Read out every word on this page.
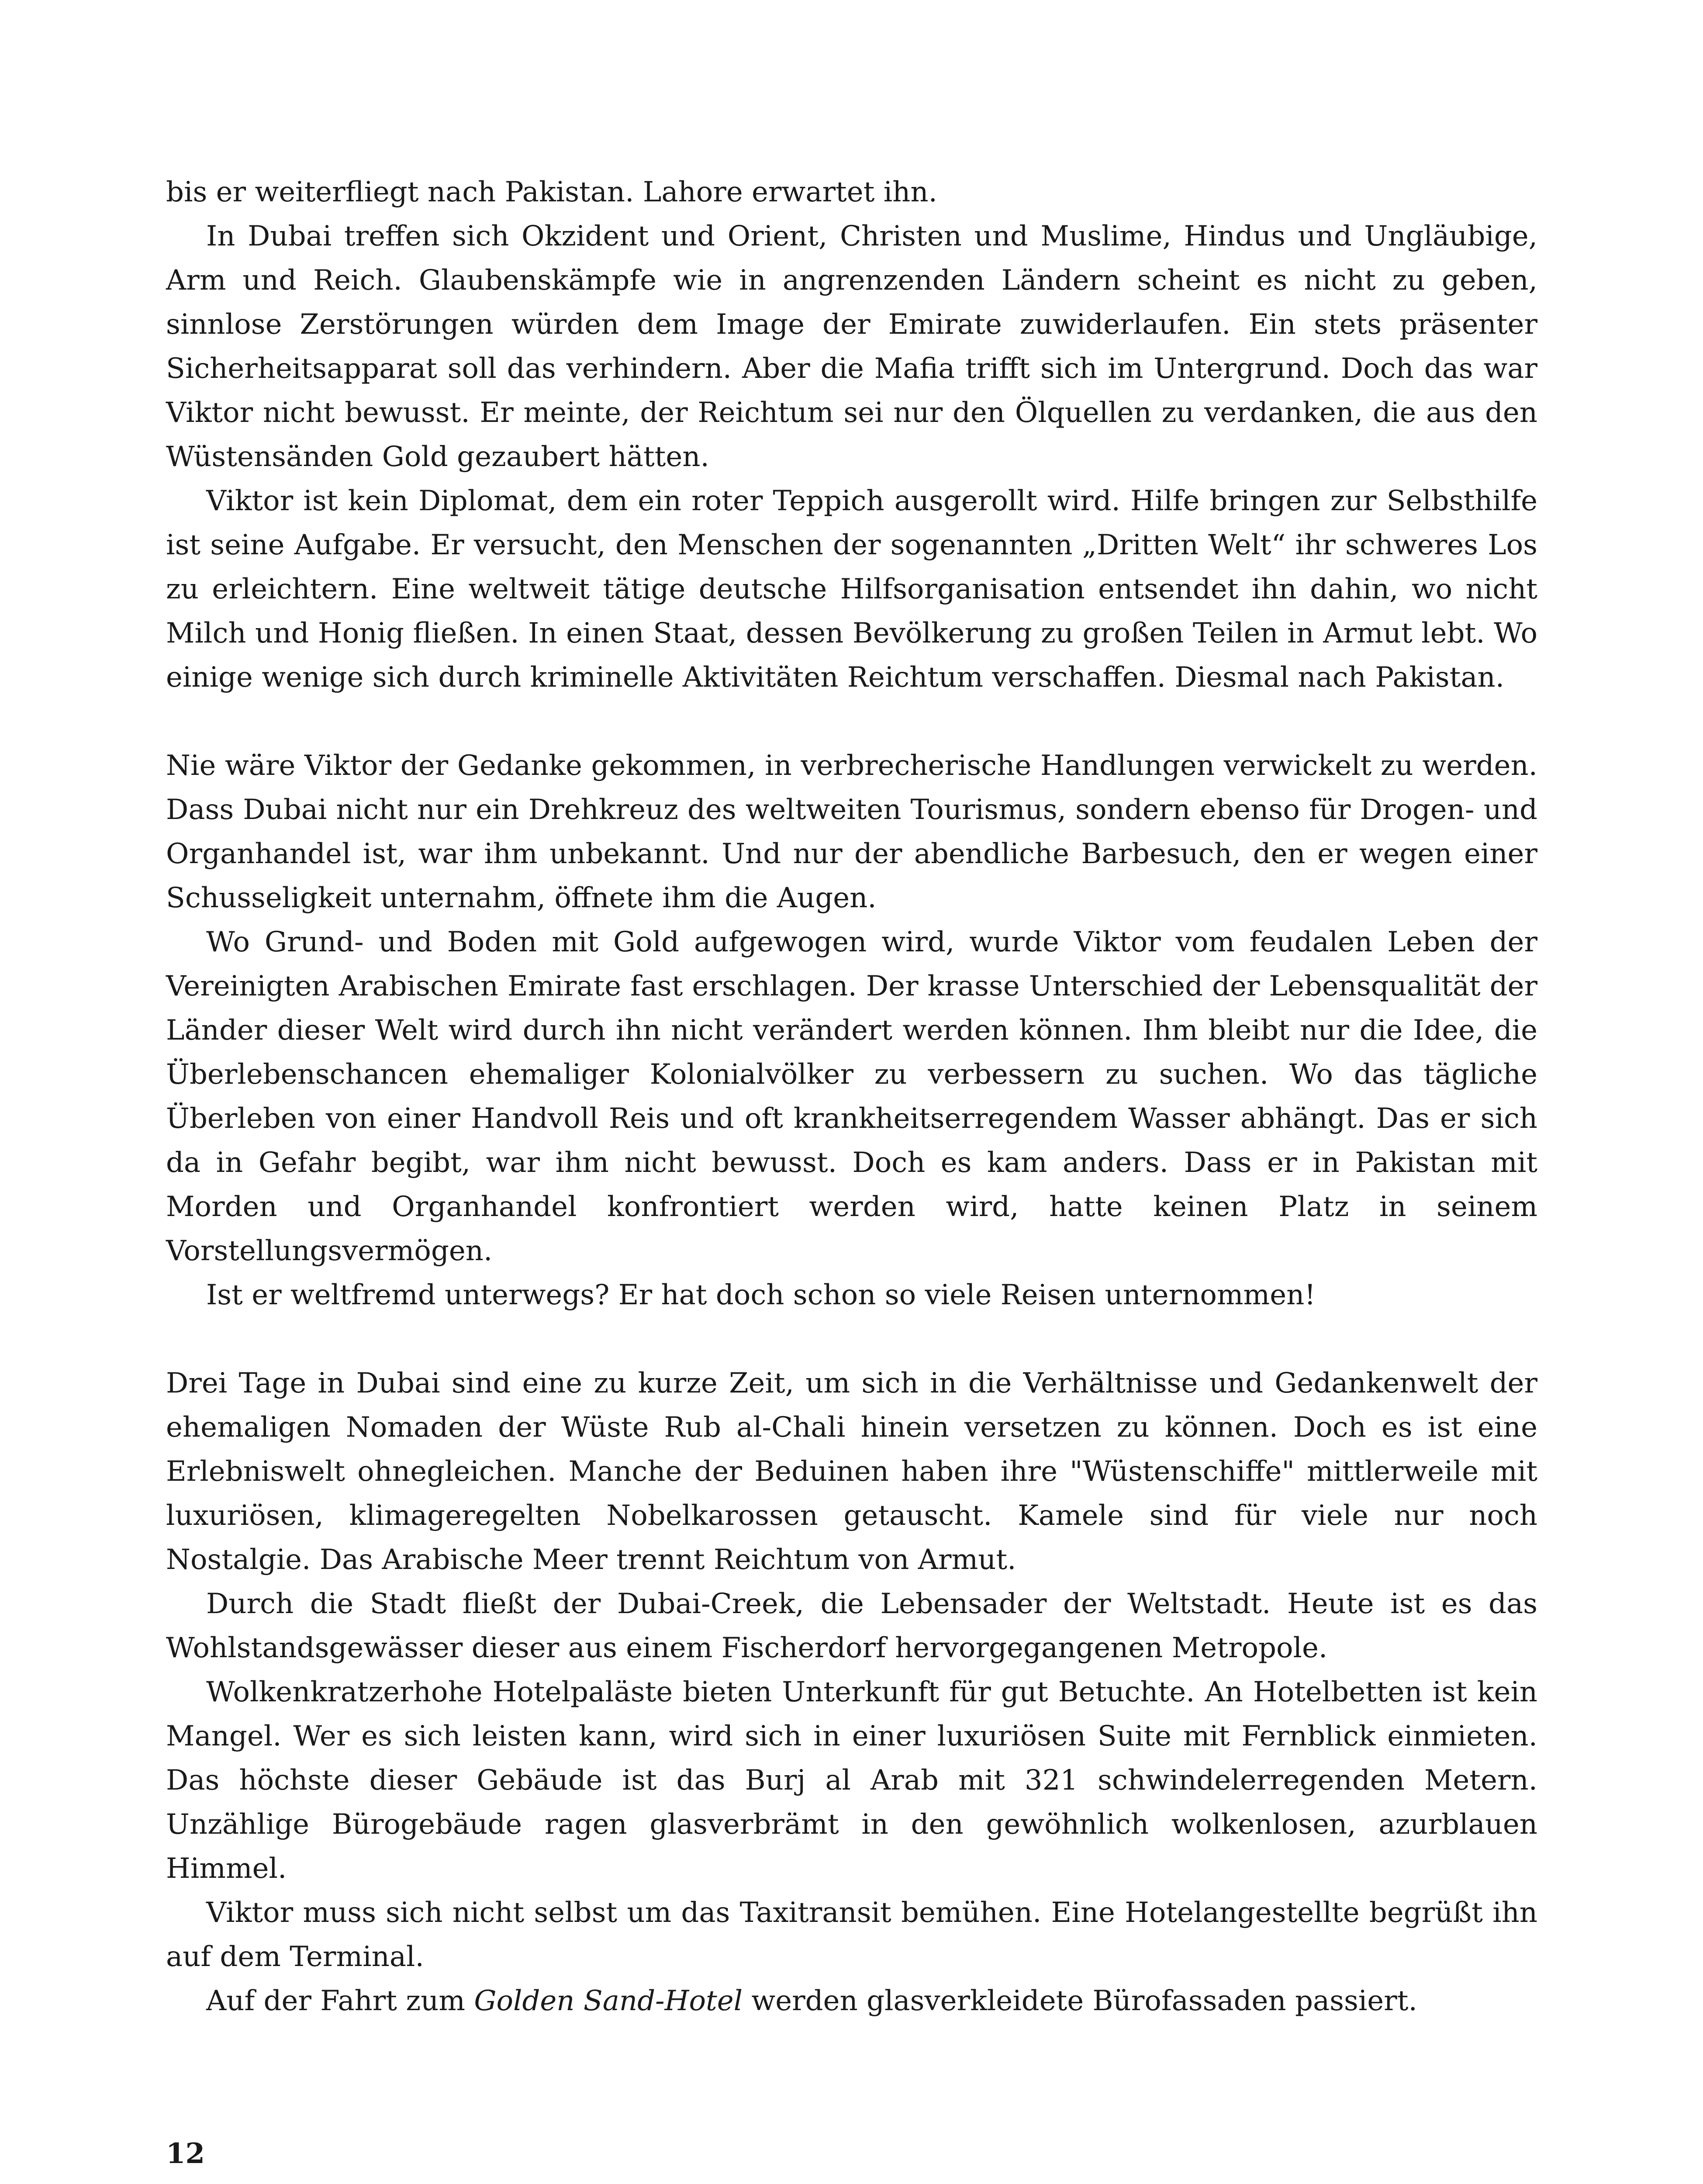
bis er weiterfliegt nach Pakistan. Lahore erwartet ihn.

In Dubai treffen sich Okzident und Orient, Christen und Muslime, Hindus und Ungläubige, Arm und Reich. Glaubenskämpfe wie in angrenzenden Ländern scheint es nicht zu geben, sinnlose Zerstörungen würden dem Image der Emirate zuwiderlaufen. Ein stets präsenter Sicherheitsapparat soll das verhindern. Aber die Mafia trifft sich im Untergrund. Doch das war Viktor nicht bewusst. Er meinte, der Reichtum sei nur den Ölquellen zu verdanken, die aus den Wüstensänden Gold gezaubert hätten.

Viktor ist kein Diplomat, dem ein roter Teppich ausgerollt wird. Hilfe bringen zur Selbsthilfe ist seine Aufgabe. Er versucht, den Menschen der sogenannten „Dritten Welt“ ihr schweres Los zu erleichtern. Eine weltweit tätige deutsche Hilfsorganisation entsendet ihn dahin, wo nicht Milch und Honig fließen. In einen Staat, dessen Bevölkerung zu großen Teilen in Armut lebt. Wo einige wenige sich durch kriminelle Aktivitäten Reichtum verschaffen. Diesmal nach Pakistan.

Nie wäre Viktor der Gedanke gekommen, in verbrecherische Handlungen verwickelt zu werden. Dass Dubai nicht nur ein Drehkreuz des weltweiten Tourismus, sondern ebenso für Drogen- und Organhandel ist, war ihm unbekannt. Und nur der abendliche Barbesuch, den er wegen einer Schusseligkeit unternahm, öffnete ihm die Augen.

Wo Grund- und Boden mit Gold aufgewogen wird, wurde Viktor vom feudalen Leben der Vereinigten Arabischen Emirate fast erschlagen. Der krasse Unterschied der Lebensqualität der Länder dieser Welt wird durch ihn nicht verändert werden können. Ihm bleibt nur die Idee, die Überlebenschancen ehemaliger Kolonialvölker zu verbessern zu suchen. Wo das tägliche Überleben von einer Handvoll Reis und oft krankheitserregendem Wasser abhängt. Das er sich da in Gefahr begibt, war ihm nicht bewusst. Doch es kam anders. Dass er in Pakistan mit Morden und Organhandel konfrontiert werden wird, hatte keinen Platz in seinem Vorstellungsvermögen.

Ist er weltfremd unterwegs? Er hat doch schon so viele Reisen unternommen!

Drei Tage in Dubai sind eine zu kurze Zeit, um sich in die Verhältnisse und Gedankenwelt der ehemaligen Nomaden der Wüste Rub al-Chali hinein versetzen zu können. Doch es ist eine Erlebniswelt ohnegleichen. Manche der Beduinen haben ihre "Wüstenschiffe" mittlerweile mit luxuriösen, klimageregelten Nobelkarossen getauscht. Kamele sind für viele nur noch Nostalgie. Das Arabische Meer trennt Reichtum von Armut.

Durch die Stadt fließt der Dubai-Creek, die Lebensader der Weltstadt. Heute ist es das Wohlstandsgewässer dieser aus einem Fischerdorf hervorgegangenen Metropole.

Wolkenkratzerhohe Hotelpaläste bieten Unterkunft für gut Betuchte. An Hotelbetten ist kein Mangel. Wer es sich leisten kann, wird sich in einer luxuriösen Suite mit Fernblick einmieten. Das höchste dieser Gebäude ist das Burj al Arab mit 321 schwindelerregenden Metern. Unzählige Bürogebäude ragen glasverbrämt in den gewöhnlich wolkenlosen, azurblauen Himmel.

Viktor muss sich nicht selbst um das Taxitransit bemühen. Eine Hotelangestellte begrüßt ihn auf dem Terminal.

Auf der Fahrt zum Golden Sand-Hotel werden glasverkleidete Bürofassaden passiert.

12
